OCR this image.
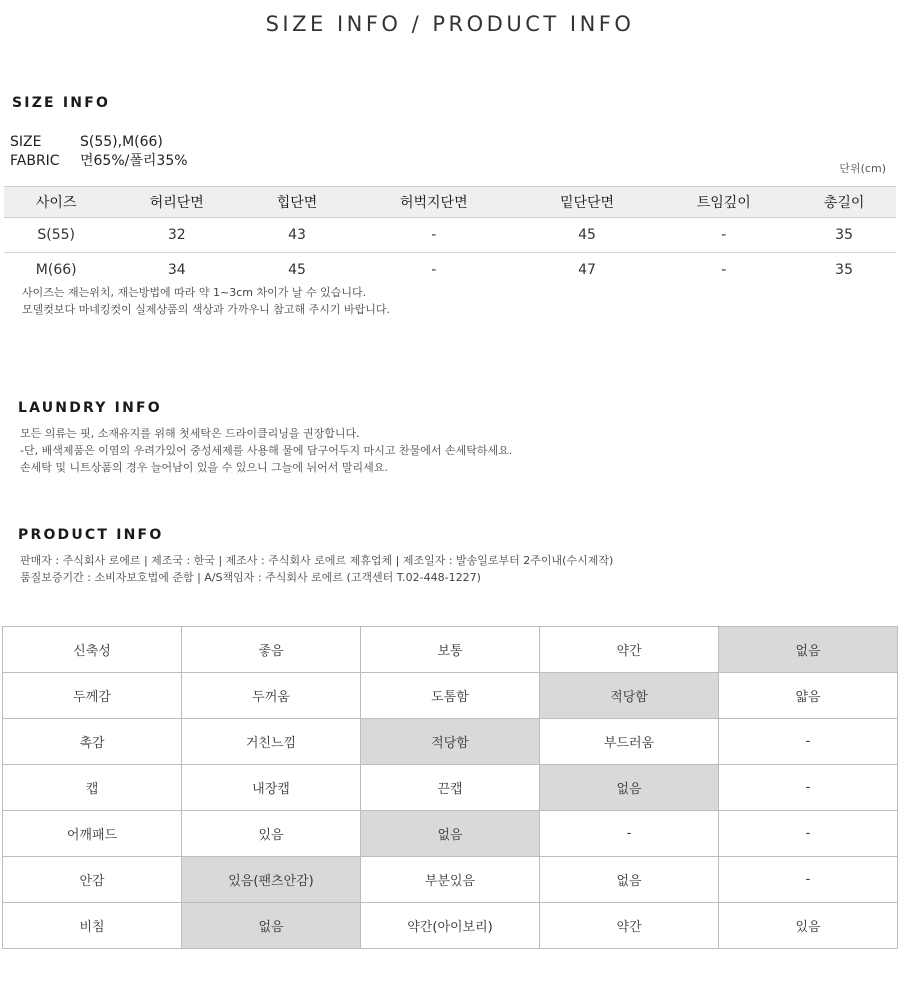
SIZE INFO / PRODUCT INFO
SIZE INFO
SIZE	S(55),M(66)
FABRIC 면65%/폴리35%	단위(cm)
사이즈	허리단면	힙단면	허벅지단면	밑단단면	트임깊이	총길이
S(55)	32	43	-	45	-	35
M(66)	34	45	-	47	-	35

사이즈는 재는위치, 재는방법에 따라 약 1~3cm 차이가 날 수 있습니다.

모델컷보다 마네킹컷이 실제상품의 색상과 가까우니 참고해 주시기 바랍니다.

LAUNDRY INFO

모든 의류는 핏, 소재유지를 위해 첫세탁은 드라이클리닝을 권장합니다.

-단, 배색제품은 이염의 우려가있어 중성세제를 사용해 물에 담구어두지 마시고 찬물에서 손세탁하세요.

손세탁 및 니트상품의 경우 늘어남이 있을 수 있으니 그늘에 뉘어서 말리세요.

PRODUCT INFO

판매자 : 주식회사 로에르 | 제조국 : 한국 | 제조사 : 주식회사 로에르 제휴업체 | 제조일자 : 발송일로부터 2주이내(수시제작)

품질보증기간 : 소비자보호법에 준함 | A/S책임자 : 주식회사 로에르 (고객센터 T.02-448-1227)

신축성	좋음	보통	약간	없음
두께감	두꺼움	도톰함	적당함	얇음
촉감	거친느낌	적당함	부드러움	-
캡	내장캡	끈캡	없음	-
어깨패드	있음	없음	-	-
안감	있음(팬츠안감)	부분있음	없음	-
비침	없음	약간(아이보리)	약간	있음
